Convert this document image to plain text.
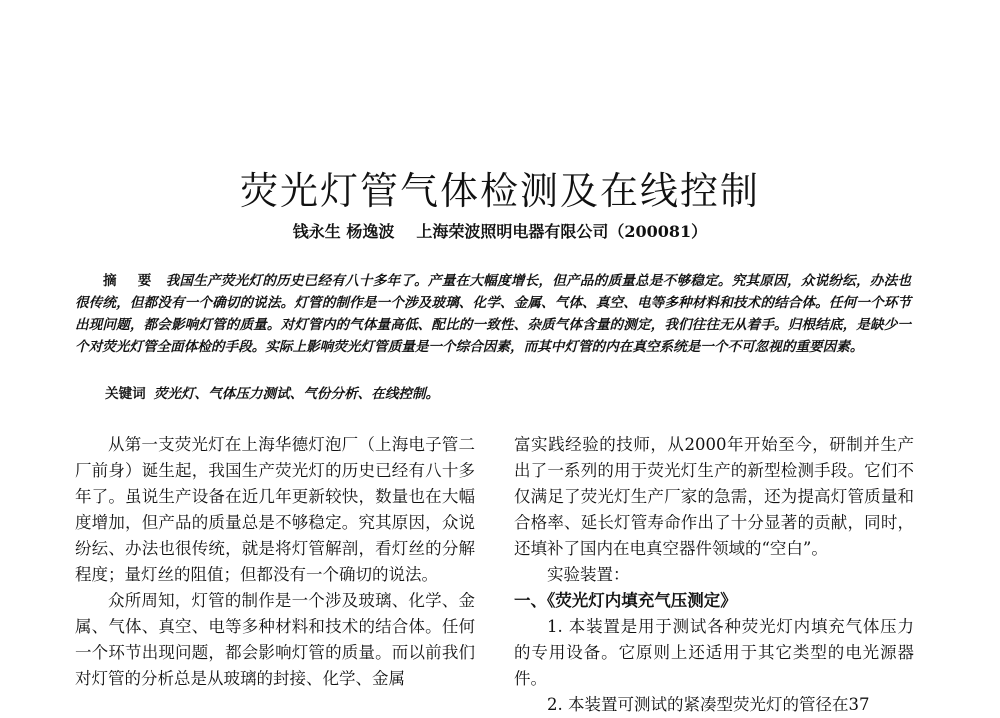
荧光灯管气体检测及在线控制
钱永生 杨逸波 上海荣波照明电器有限公司（200081）
摘 要 我国生产荧光灯的历史已经有八十多年了。产量在大幅度增长，但产品的质量总是不够稳定。究其原因，众说纷纭，办法也很传统，但都没有一个确切的说法。灯管的制作是一个涉及玻璃、化学、金属、气体、真空、电等多种材料和技术的结合体。任何一个环节出现问题，都会影响灯管的质量。对灯管内的气体量高低、配比的一致性、杂质气体含量的测定，我们往往无从着手。归根结底，是缺少一个对荧光灯管全面体检的手段。实际上影响荧光灯管质量是一个综合因素，而其中灯管的内在真空系统是一个不可忽视的重要因素。
关键词 荧光灯、气体压力测试、气份分析、在线控制。

从第一支荧光灯在上海华德灯泡厂（上海电子管二厂前身）诞生起，我国生产荧光灯的历史已经有八十多年了。虽说生产设备在近几年更新较快，数量也在大幅度增加，但产品的质量总是不够稳定。究其原因，众说纷纭、办法也很传统，就是将灯管解剖，看灯丝的分解程度；量灯丝的阻值；但都没有一个确切的说法。

众所周知，灯管的制作是一个涉及玻璃、化学、金属、气体、真空、电等多种材料和技术的结合体。任何一个环节出现问题，都会影响灯管的质量。而以前我们对灯管的分析总是从玻璃的封接、化学、金属

富实践经验的技师，从2000年开始至今，研制并生产出了一系列的用于荧光灯生产的新型检测手段。它们不仅满足了荧光灯生产厂家的急需，还为提高灯管质量和合格率、延长灯管寿命作出了十分显著的贡献，同时，还填补了国内在电真空器件领域的“空白”。

实验装置：

一、《荧光灯内填充气压测定》

1. 本装置是用于测试各种荧光灯内填充气体压力的专用设备。它原则上还适用于其它类型的电光源器件。

2. 本装置可测试的紧凑型荧光灯的管径在37
